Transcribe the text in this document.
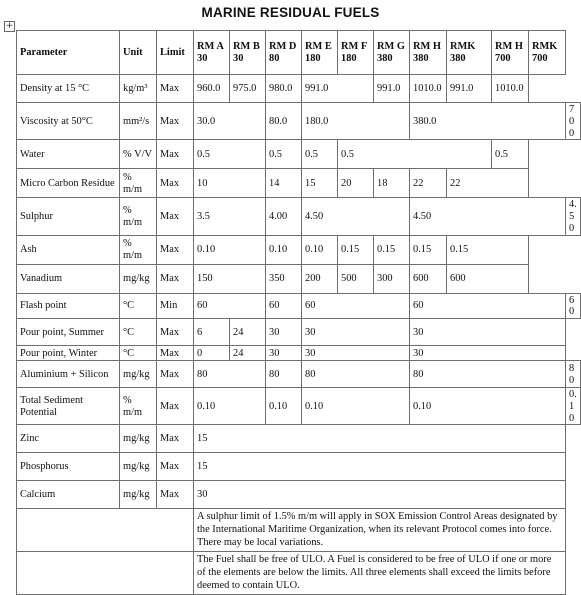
MARINE RESIDUAL FUELS
+
Parameter	Unit	Limit	RM A 30	RM B 30	RM D 80	RM E 180	RM F 180	RM G 380	RM H 380	RMK 380	RM H 700	RMK 700	
Density at 15 °C	kg/m³	Max	960.0	975.0	980.0	991.0		991.0	1010.0	991.0	1010.0		
Viscosity at 50°C	mm²/s	Max	30.0		80.0	180.0			380.0				700
Water	% V/V	Max	0.5		0.5	0.5	0.5				0.5		
Micro Carbon Residue	% m/m	Max	10		14	15	20	18	22	22			
Sulphur	% m/m	Max	3.5		4.00	4.50			4.50				4.50
Ash	% m/m	Max	0.10		0.10	0.10	0.15	0.15	0.15	0.15			
Vanadium	mg/kg	Max	150		350	200	500	300	600	600			
Flash point	°C	Min	60		60	60			60				60
Pour point, Summer	°C	Max	6	24	30	30			30				
Pour point, Winter	°C	Max	0	24	30	30			30				
Aluminium + Silicon	mg/kg	Max	80		80	80			80				80
Total Sediment Potential	% m/m	Max	0.10		0.10	0.10			0.10				0.10
Zinc	mg/kg	Max	15										
Phosphorus	mg/kg	Max	15										
Calcium	mg/kg	Max	30										
			A sulphur limit of 1.5% m/m will apply in SOX Emission Control Areas designated by the International Maritime Organization, when its relevant Protocol comes into force. There may be local variations.										
			The Fuel shall be free of ULO. A Fuel is considered to be free of ULO if one or more of the elements are below the limits. All three elements shall exceed the limits before deemed to contain ULO.										
